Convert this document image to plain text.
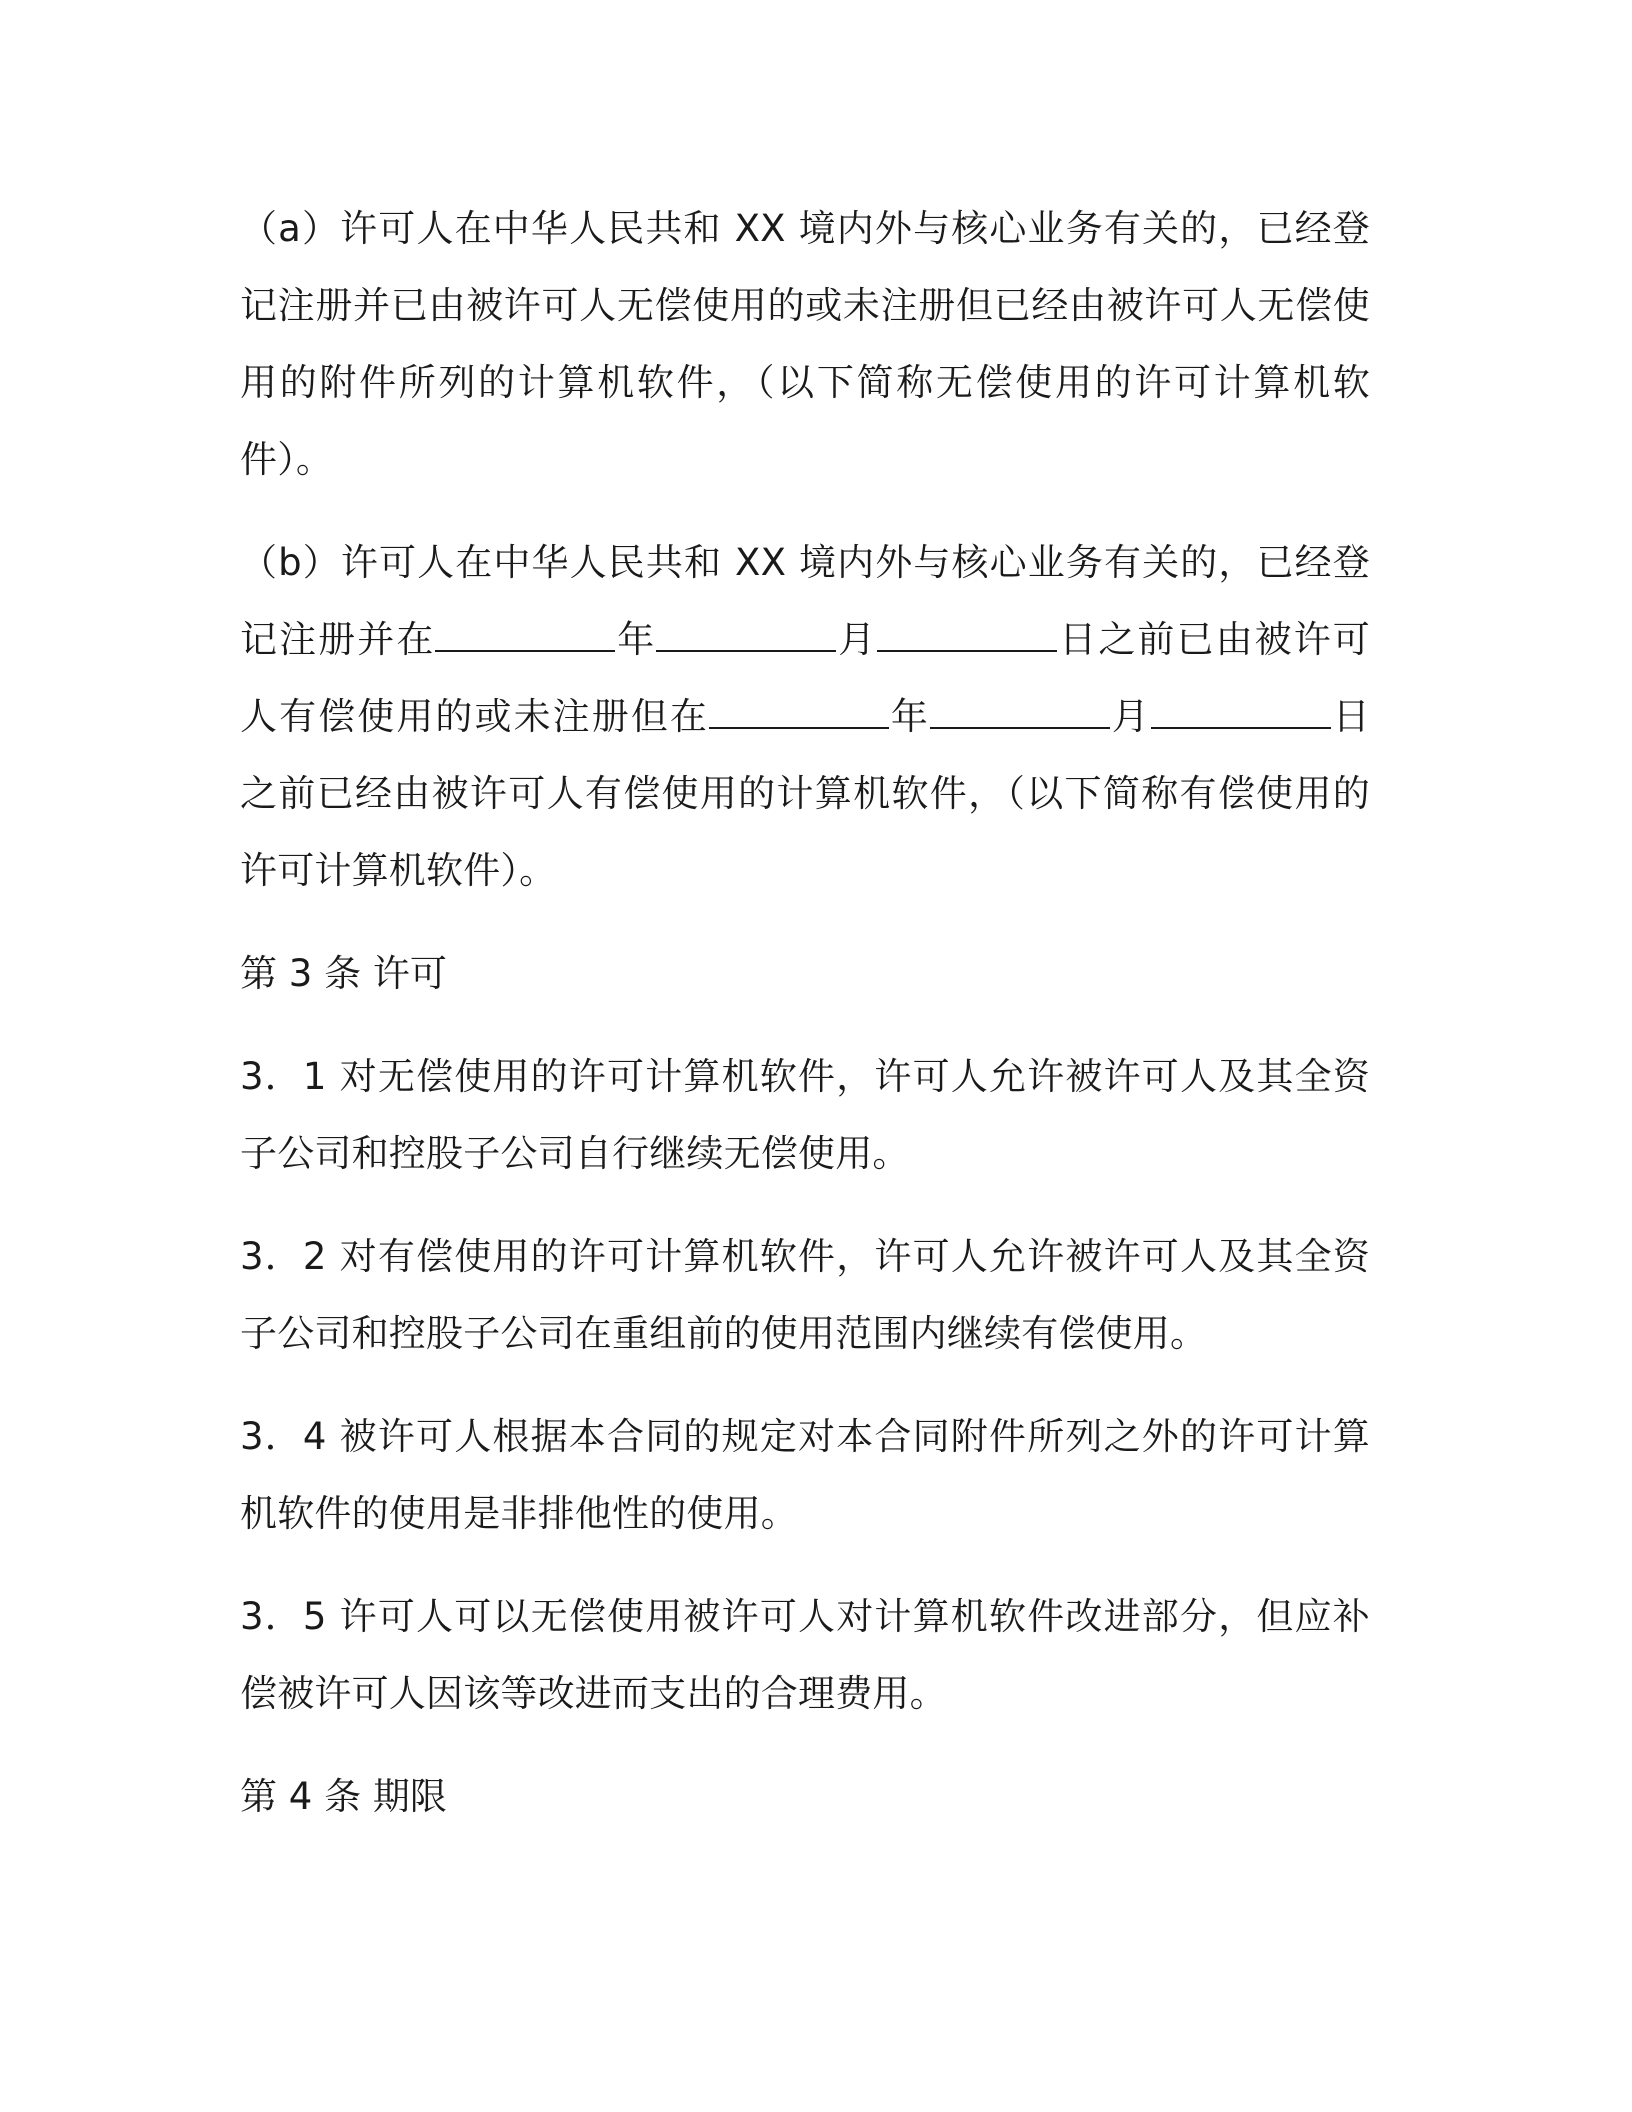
（a）许可人在中华人民共和 XX 境内外与核心业务有关的，已经登记注册并已由被许可人无偿使用的或未注册但已经由被许可人无偿使用的附件所列的计算机软件，（以下简称无偿使用的许可计算机软件）。

（b）许可人在中华人民共和 XX 境内外与核心业务有关的，已经登记注册并在	年	月	日之前已由被许可人有偿使用的或未注册但在	年	月	日之前已经由被许可人有偿使用的计算机软件，（以下简称有偿使用的许可计算机软件）。

第 3 条 许可

3．1 对无偿使用的许可计算机软件，许可人允许被许可人及其全资子公司和控股子公司自行继续无偿使用。

3．2 对有偿使用的许可计算机软件，许可人允许被许可人及其全资子公司和控股子公司在重组前的使用范围内继续有偿使用。

3．4 被许可人根据本合同的规定对本合同附件所列之外的许可计算机软件的使用是非排他性的使用。

3．5 许可人可以无偿使用被许可人对计算机软件改进部分，但应补偿被许可人因该等改进而支出的合理费用。

第 4 条 期限
